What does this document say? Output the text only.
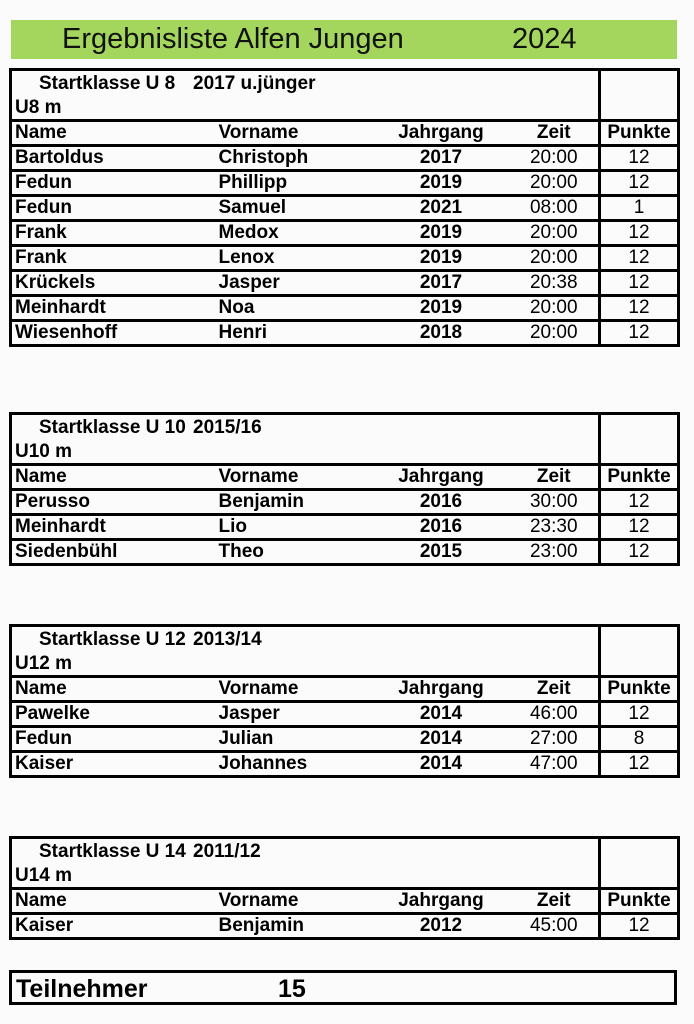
Ergebnisliste Alfen Jungen	2024
Startklasse U 8 2017 u.jünger				
U8 m				
Name	Vorname	Jahrgang	Zeit	Punkte
Bartoldus	Christoph	2017	20:00	12
Fedun	Phillipp	2019	20:00	12
Fedun	Samuel	2021	08:00	1
Frank	Medox	2019	20:00	12
Frank	Lenox	2019	20:00	12
Krückels	Jasper	2017	20:38	12
Meinhardt	Noa	2019	20:00	12
Wiesenhoff	Henri	2018	20:00	12
Startklasse U 10 2015/16				
U10 m				
Name	Vorname	Jahrgang	Zeit	Punkte
Perusso	Benjamin	2016	30:00	12
Meinhardt	Lio	2016	23:30	12
Siedenbühl	Theo	2015	23:00	12
Startklasse U 12 2013/14				
U12 m				
Name	Vorname	Jahrgang	Zeit	Punkte
Pawelke	Jasper	2014	46:00	12
Fedun	Julian	2014	27:00	8
Kaiser	Johannes	2014	47:00	12
Startklasse U 14 2011/12				
U14 m				
Name	Vorname	Jahrgang	Zeit	Punkte
Kaiser	Benjamin	2012	45:00	12
Teilnehmer	15
